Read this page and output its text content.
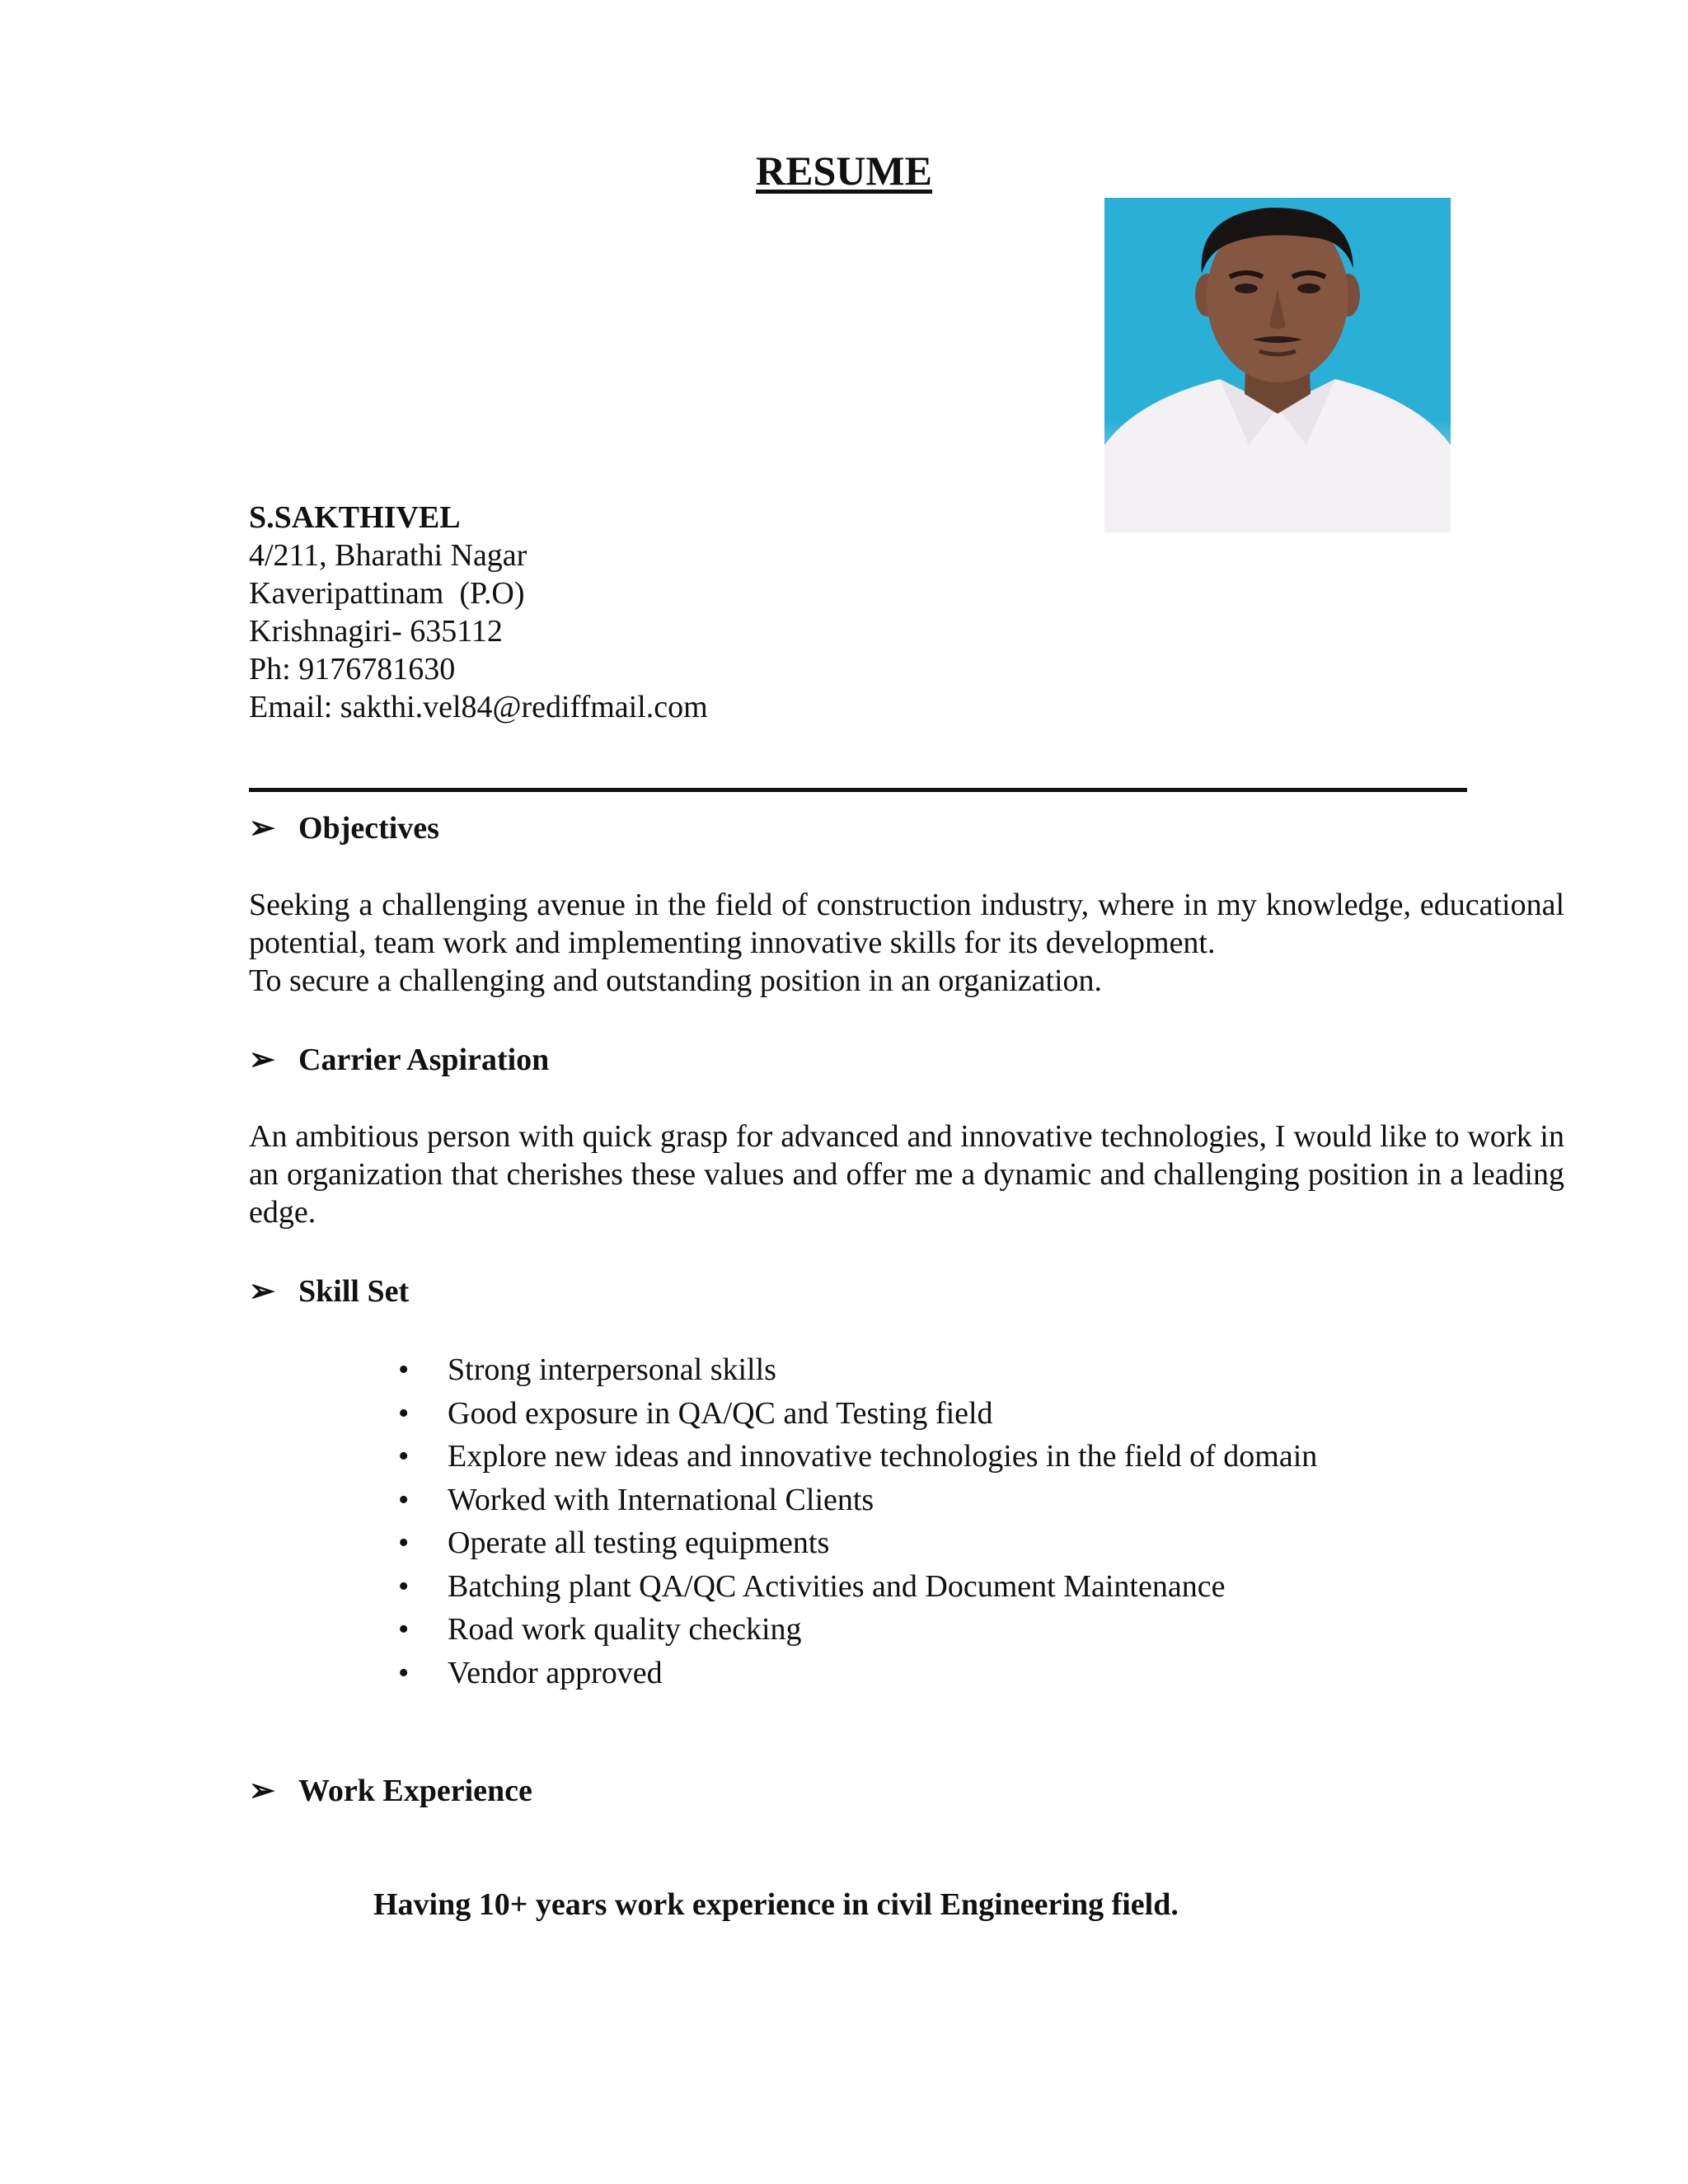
RESUME
S.SAKTHIVEL
4/211, Bharathi Nagar
Kaveripattinam  (P.O)
Krishnagiri- 635112
Ph: 9176781630
Email: sakthi.vel84@rediffmail.com
➢ Objectives

Seeking a challenging avenue in the field of construction industry, where in my knowledge, educational potential, team work and implementing innovative skills for its development.

To secure a challenging and outstanding position in an organization.

➢ Carrier Aspiration

An ambitious person with quick grasp for advanced and innovative technologies, I would like to work in an organization that cherishes these values and offer me a dynamic and challenging position in a leading edge.

➢ Skill Set
• Strong interpersonal skills
• Good exposure in QA/QC and Testing field
• Explore new ideas and innovative technologies in the field of domain
• Worked with International Clients
• Operate all testing equipments
• Batching plant QA/QC Activities and Document Maintenance
• Road work quality checking
• Vendor approved
➢ Work Experience
Having 10+ years work experience in civil Engineering field.
